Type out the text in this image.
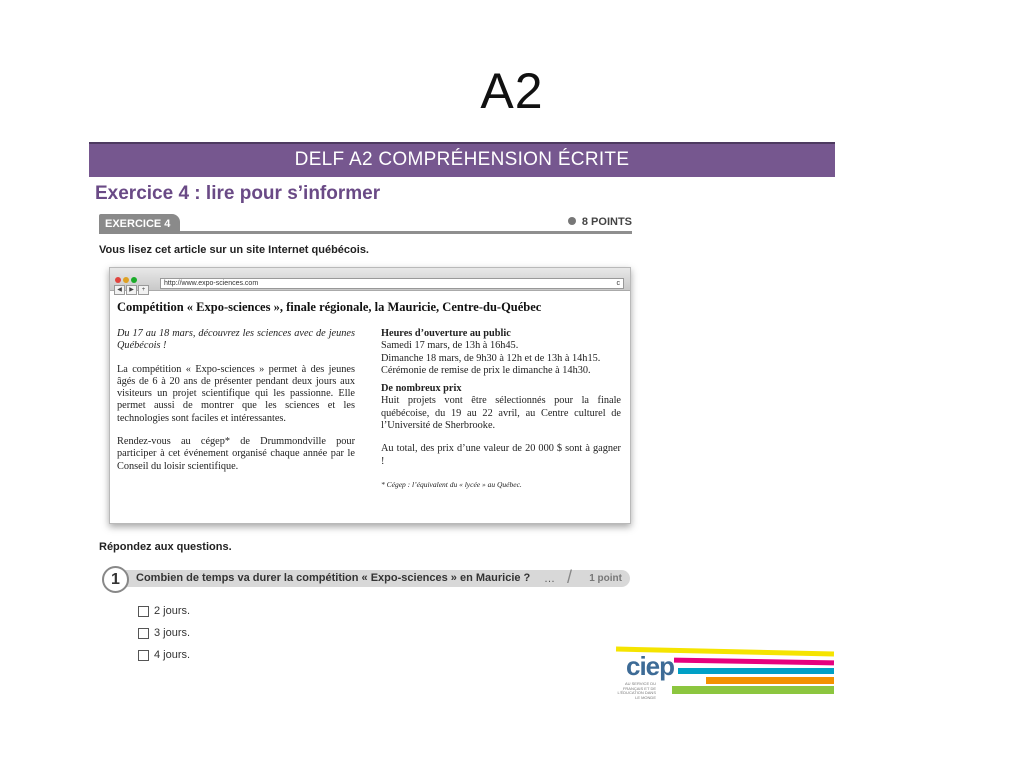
A2
DELF A2 COMPRÉHENSION ÉCRITE
Exercice 4 : lire pour s’informer
EXERCICE 4	8 POINTS
Vous lisez cet article sur un site Internet québécois.
◀ ▶ +
http://www.expo-sciences.com	c
Compétition « Expo-sciences », finale régionale, la Mauricie, Centre-du-Québec

Du 17 au 18 mars, découvrez les sciences avec de jeunes Québécois !

La compétition « Expo-sciences » permet à des jeunes âgés de 6 à 20 ans de présenter pendant deux jours aux visiteurs un projet scientifique qui les passionne. Elle permet aussi de montrer que les sciences et les technologies sont faciles et intéressantes.

Rendez-vous au cégep* de Drummondville pour participer à cet événement organisé chaque année par le Conseil du loisir scientifique.

Heures d’ouverture au public
Samedi 17 mars, de 13h à 16h45.
Dimanche 18 mars, de 9h30 à 12h et de 13h à 14h15.
Cérémonie de remise de prix le dimanche à 14h30.
De nombreux prix

Huit projets vont être sélectionnés pour la finale québécoise, du 19 au 22 avril, au Centre culturel de l’Université de Sherbrooke.

Au total, des prix d’une valeur de 20 000 $ sont à gagner !

* Cégep : l’équivalent du « lycée » au Québec.

Répondez aux questions.
1	Combien de temps va durer la compétition « Expo-sciences » en Mauricie ? … / 1 point
2 jours.
3 jours.
4 jours.	ciep
AU SERVICE DU FRANÇAIS ET DE L'ÉDUCATION DANS LE MONDE
